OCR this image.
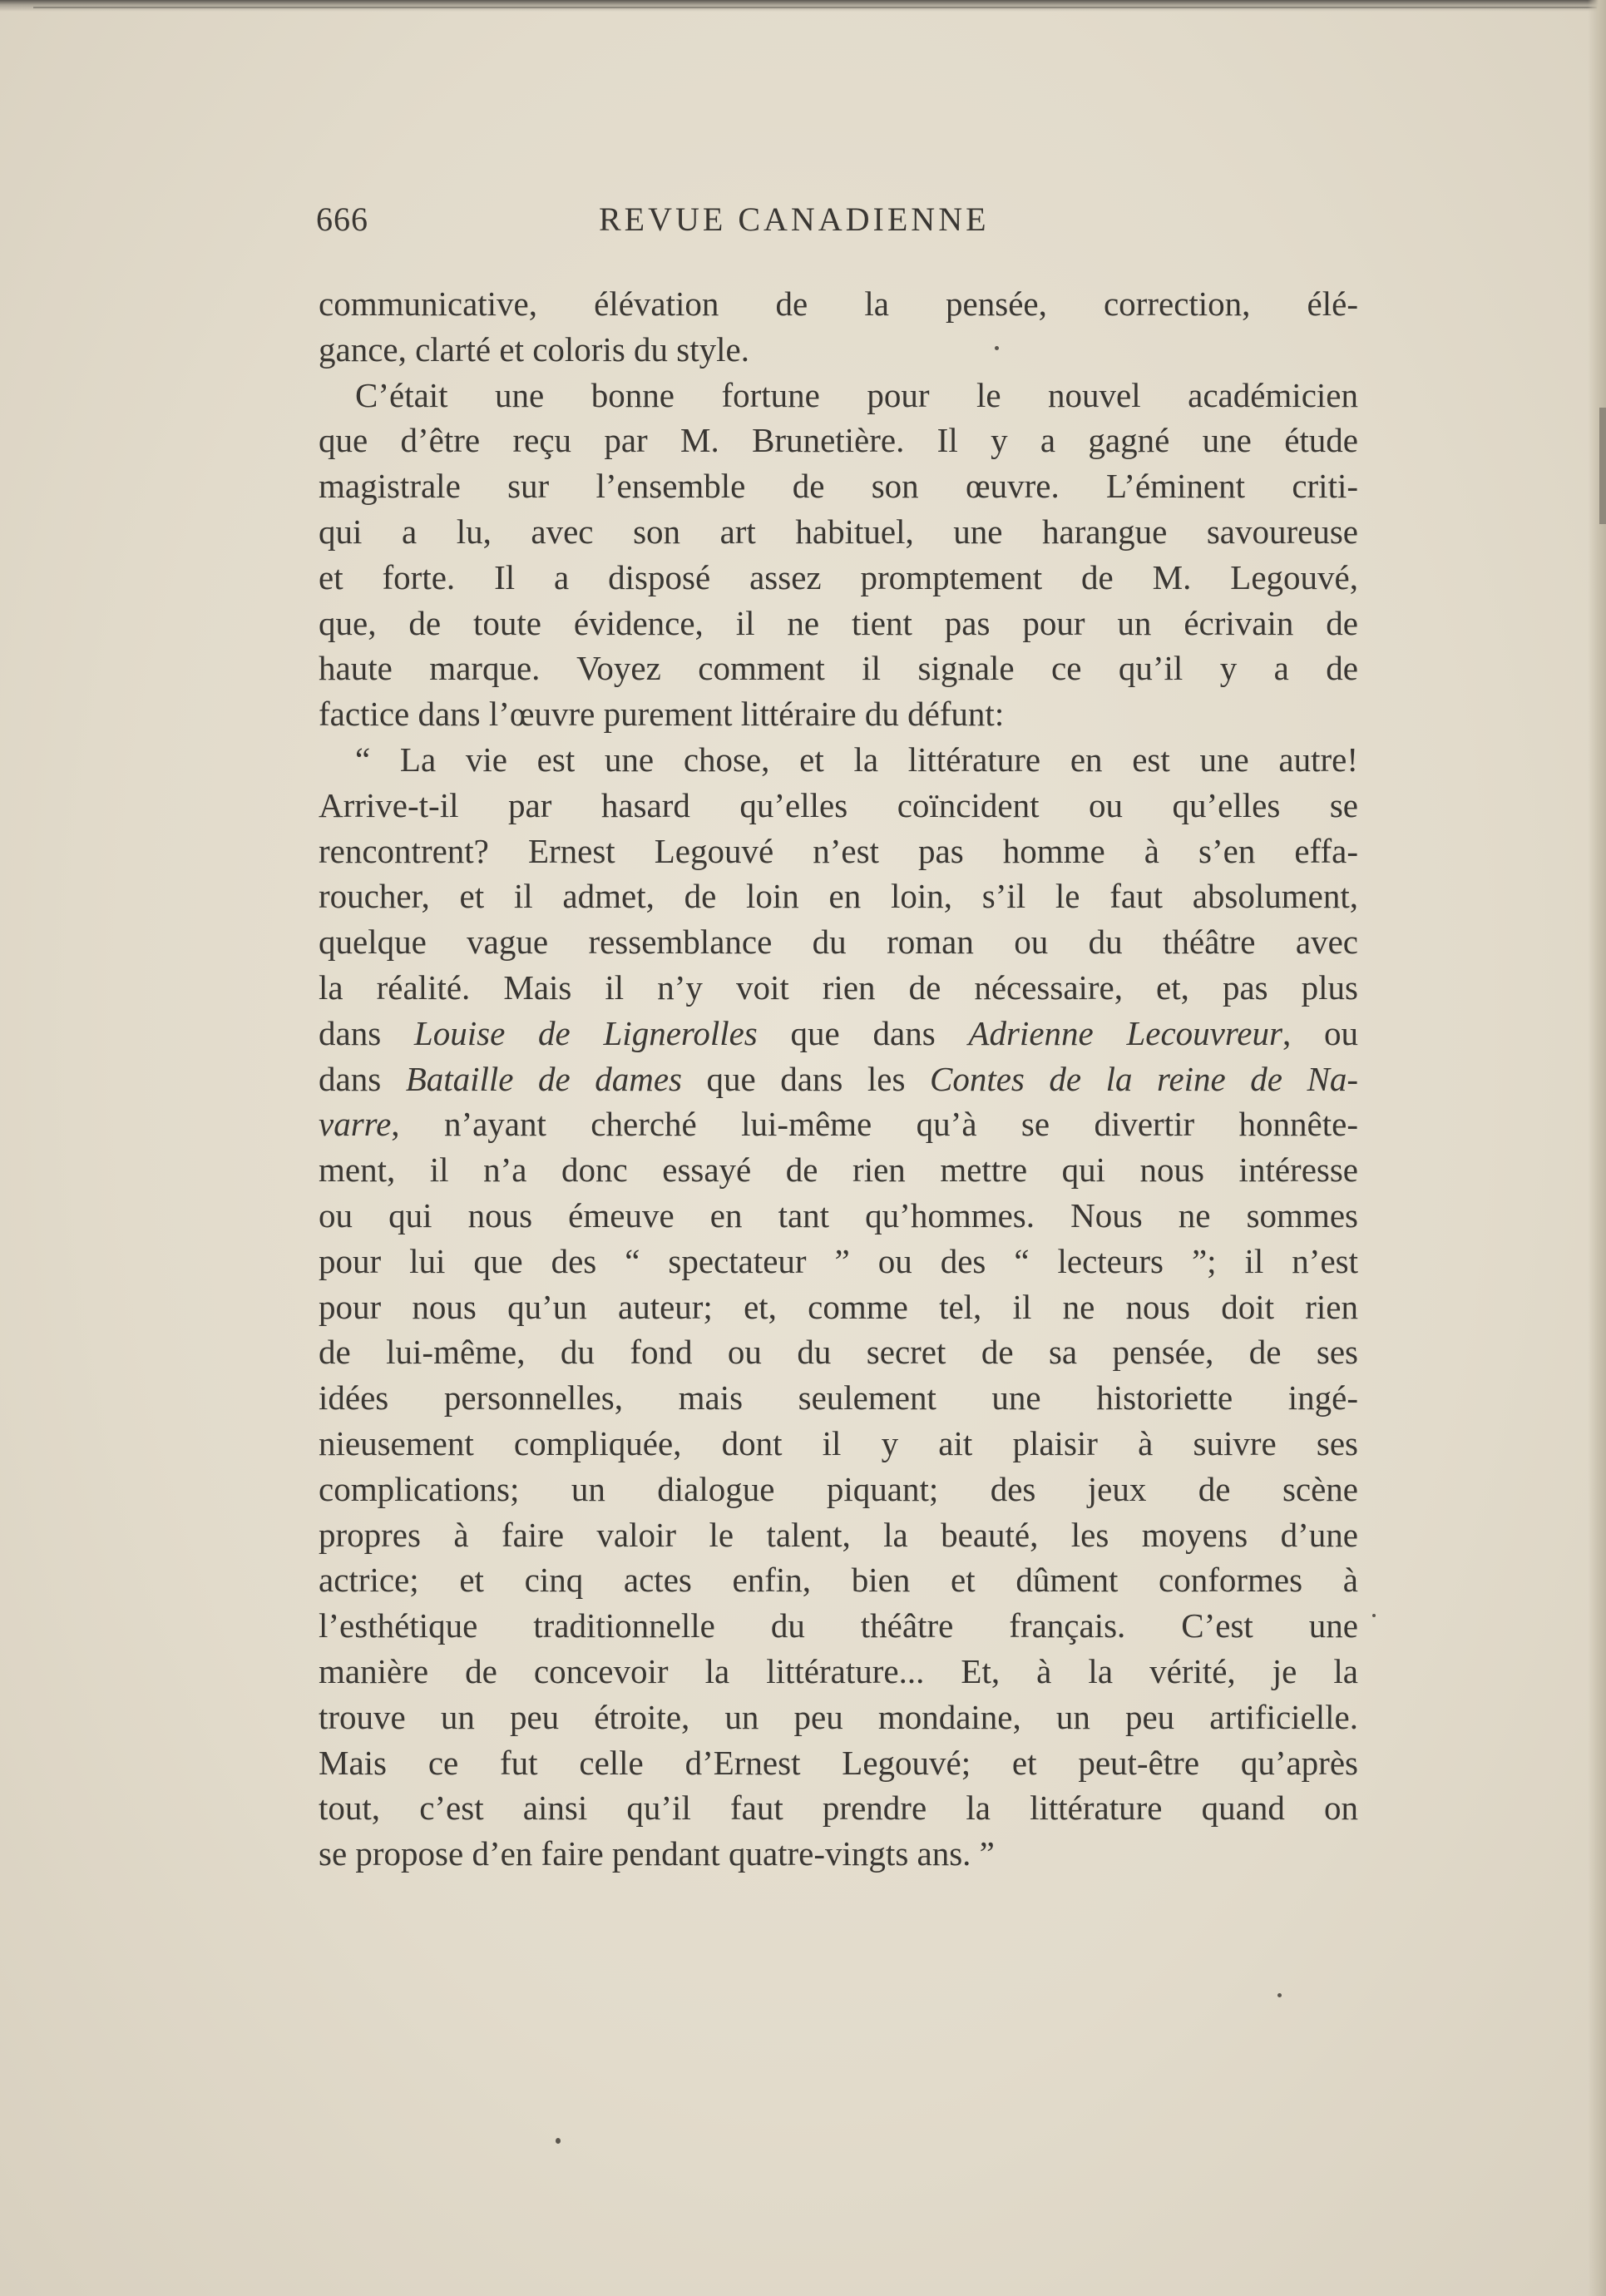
666	REVUE CANADIENNE
communicative, élévation de la pensée, correction, élé-
gance, clarté et coloris du style.
C’était une bonne fortune pour le nouvel académicien
que d’être reçu par M. Brunetière. Il y a gagné une étude
magistrale sur l’ensemble de son œuvre. L’éminent criti-
qui a lu, avec son art habituel, une harangue savoureuse
et forte. Il a disposé assez promptement de M. Legouvé,
que, de toute évidence, il ne tient pas pour un écrivain de
haute marque. Voyez comment il signale ce qu’il y a de
factice dans l’œuvre purement littéraire du défunt:
“ La vie est une chose, et la littérature en est une autre!
Arrive-t-il par hasard qu’elles coïncident ou qu’elles se
rencontrent? Ernest Legouvé n’est pas homme à s’en effa-
roucher, et il admet, de loin en loin, s’il le faut absolument,
quelque vague ressemblance du roman ou du théâtre avec
la réalité. Mais il n’y voit rien de nécessaire, et, pas plus
dans Louise de Lignerolles que dans Adrienne Lecouvreur, ou
dans Bataille de dames que dans les Contes de la reine de Na-
varre, n’ayant cherché lui-même qu’à se divertir honnête-
ment, il n’a donc essayé de rien mettre qui nous intéresse
ou qui nous émeuve en tant qu’hommes. Nous ne sommes
pour lui que des “ spectateur ” ou des “ lecteurs ”; il n’est
pour nous qu’un auteur; et, comme tel, il ne nous doit rien
de lui-même, du fond ou du secret de sa pensée, de ses
idées personnelles, mais seulement une historiette ingé-
nieusement compliquée, dont il y ait plaisir à suivre ses
complications; un dialogue piquant; des jeux de scène
propres à faire valoir le talent, la beauté, les moyens d’une
actrice; et cinq actes enfin, bien et dûment conformes à
l’esthétique traditionnelle du théâtre français. C’est une
manière de concevoir la littérature... Et, à la vérité, je la
trouve un peu étroite, un peu mondaine, un peu artificielle.
Mais ce fut celle d’Ernest Legouvé; et peut-être qu’après
tout, c’est ainsi qu’il faut prendre la littérature quand on
se propose d’en faire pendant quatre-vingts ans. ”
